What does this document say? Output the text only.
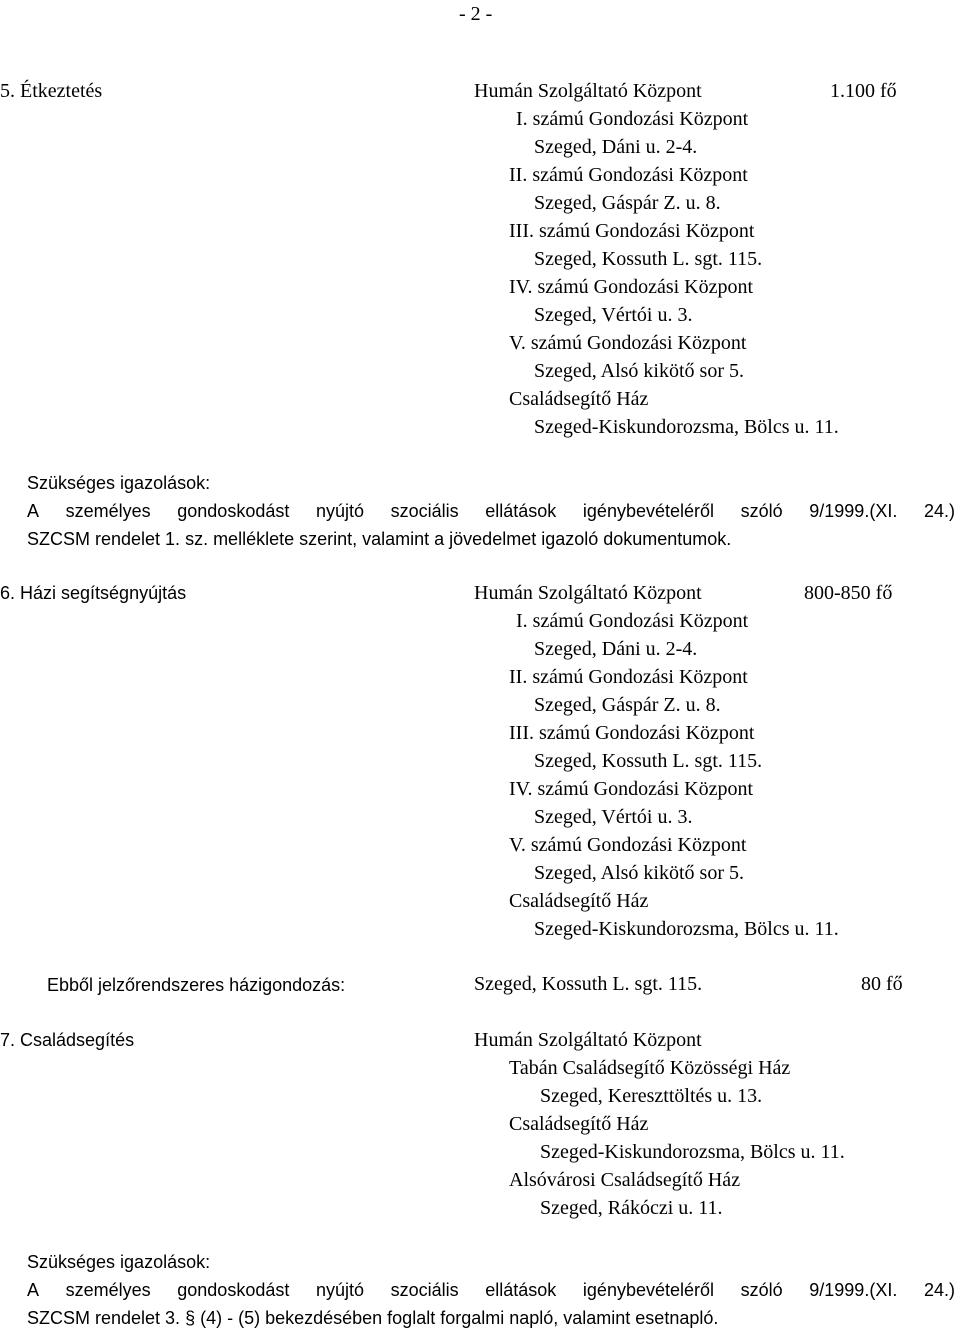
- 2 -
5. Étkeztetés	Humán Szolgáltató Központ	1.100 fő
I. számú Gondozási Központ
Szeged, Dáni u. 2-4.
II. számú Gondozási Központ
Szeged, Gáspár Z. u. 8.
III. számú Gondozási Központ
Szeged, Kossuth L. sgt. 115.
IV. számú Gondozási Központ
Szeged, Vértói u. 3.
V. számú Gondozási Központ
Szeged, Alsó kikötő sor 5.
Családsegítő Ház
Szeged-Kiskundorozsma, Bölcs u. 11.
Szükséges igazolások:
A személyes gondoskodást nyújtó szociális ellátások igénybevételéről szóló 9/1999.(XI. 24.)
SZCSM rendelet 1. sz. melléklete szerint, valamint a jövedelmet igazoló dokumentumok.
6. Házi segítségnyújtás	Humán Szolgáltató Központ	800-850 fő
I. számú Gondozási Központ
Szeged, Dáni u. 2-4.
II. számú Gondozási Központ
Szeged, Gáspár Z. u. 8.
III. számú Gondozási Központ
Szeged, Kossuth L. sgt. 115.
IV. számú Gondozási Központ
Szeged, Vértói u. 3.
V. számú Gondozási Központ
Szeged, Alsó kikötő sor 5.
Családsegítő Ház
Szeged-Kiskundorozsma, Bölcs u. 11.
Ebből jelzőrendszeres házigondozás:	Szeged, Kossuth L. sgt. 115.	80 fő
7. Családsegítés	Humán Szolgáltató Központ
Tabán Családsegítő Közösségi Ház
Szeged, Kereszttöltés u. 13.
Családsegítő Ház
Szeged-Kiskundorozsma, Bölcs u. 11.
Alsóvárosi Családsegítő Ház
Szeged, Rákóczi u. 11.
Szükséges igazolások:
A személyes gondoskodást nyújtó szociális ellátások igénybevételéről szóló 9/1999.(XI. 24.)
SZCSM rendelet 3. § (4) - (5) bekezdésében foglalt forgalmi napló, valamint esetnapló.
